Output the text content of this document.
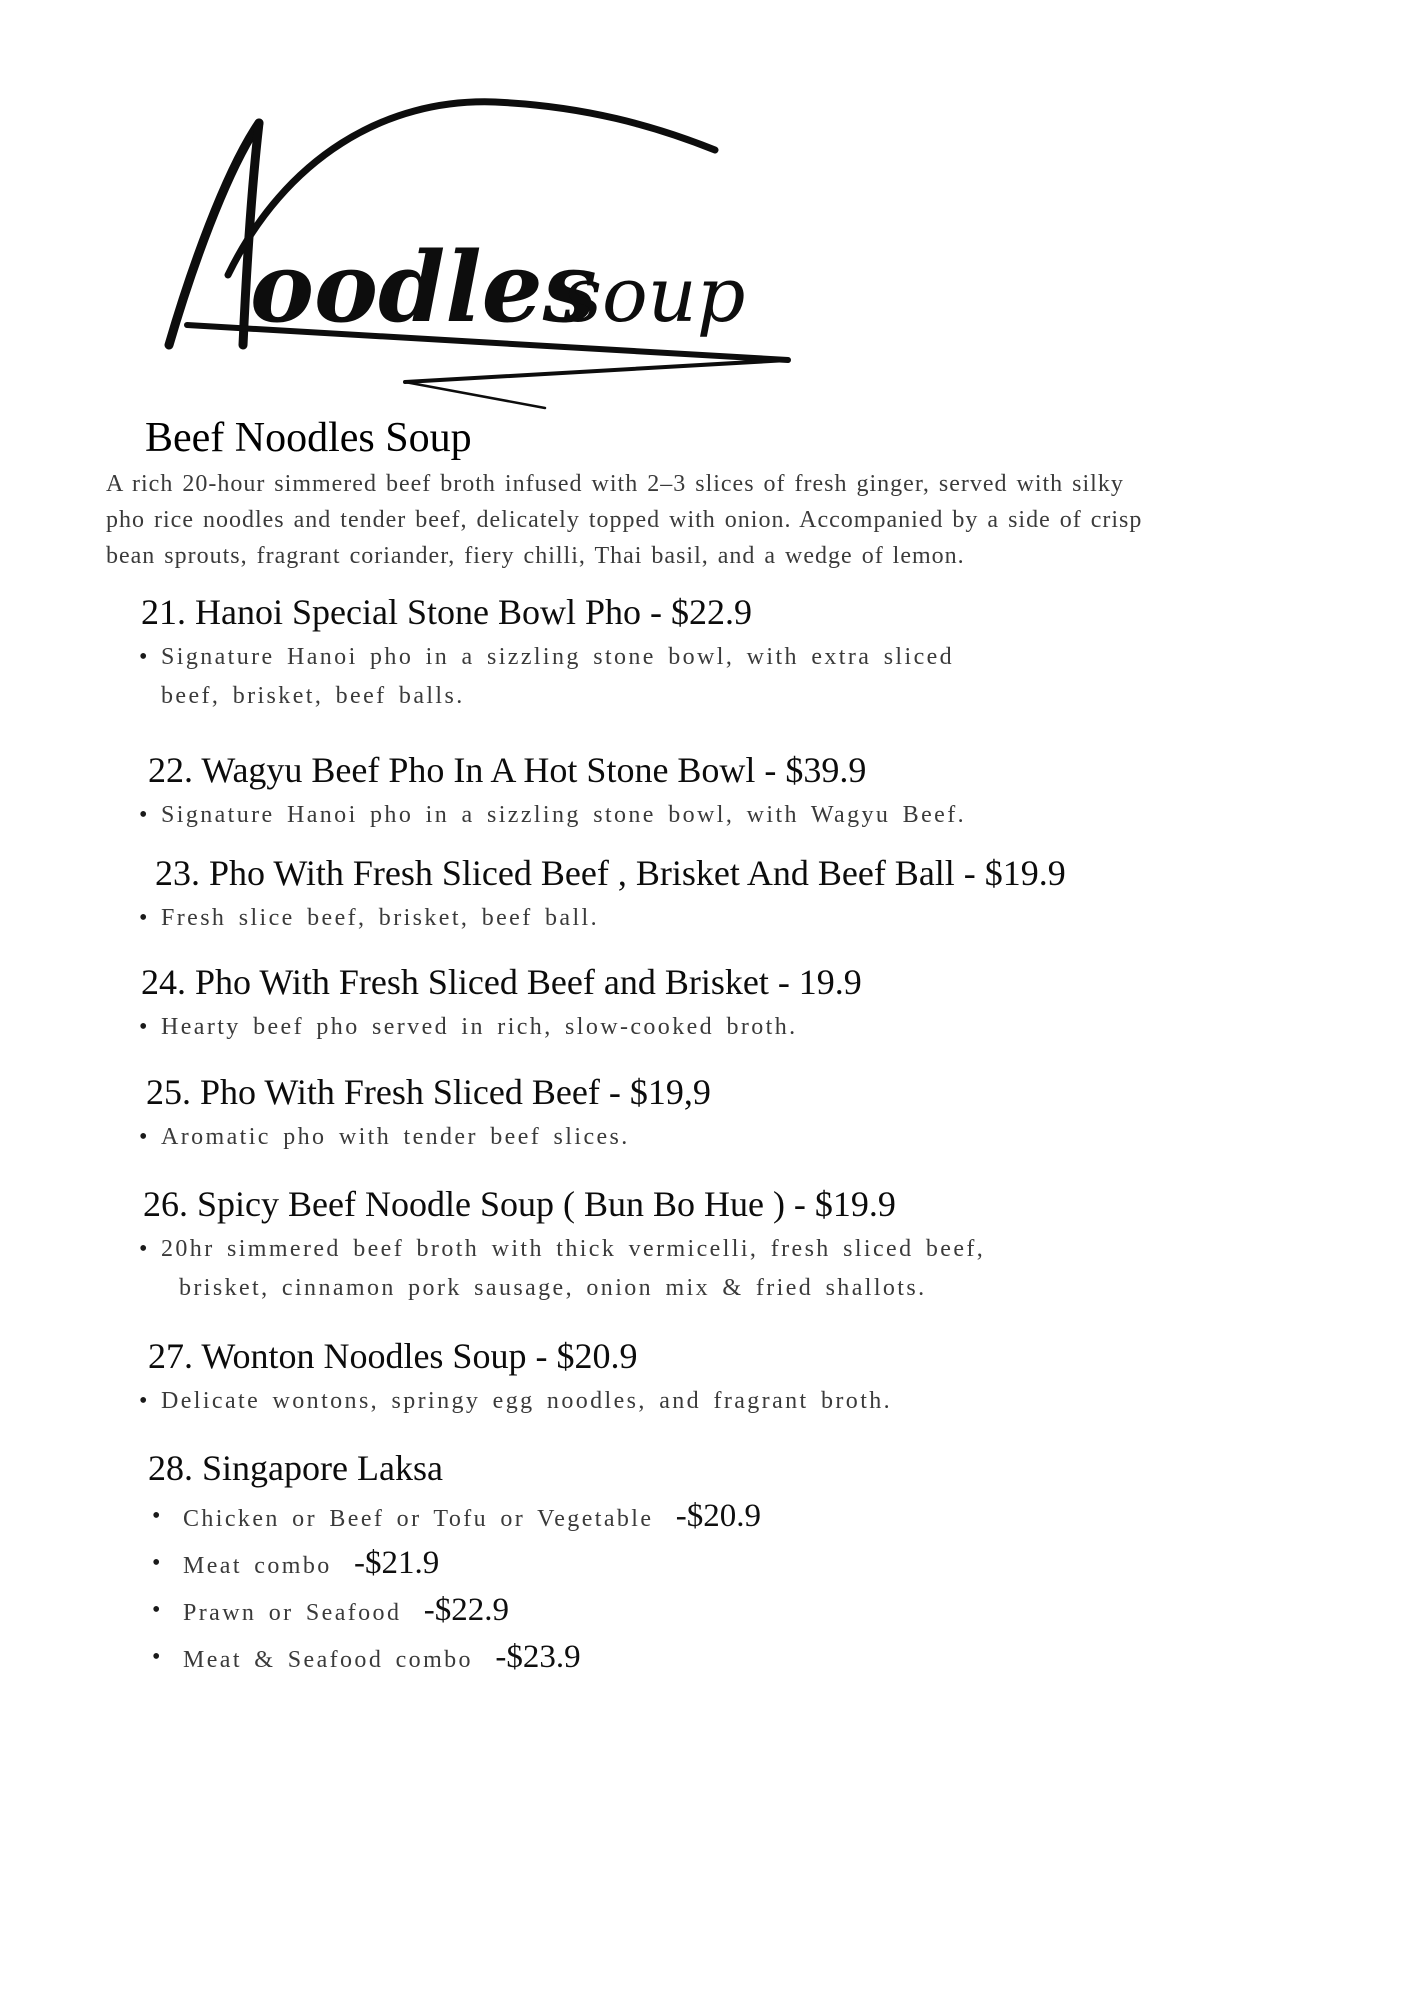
oodles
soup
Beef Noodles Soup
A rich 20-hour simmered beef broth infused with 2–3 slices of fresh ginger, served with silky
pho rice noodles and tender beef, delicately topped with onion. Accompanied by a side of crisp
bean sprouts, fragrant coriander, fiery chilli, Thai basil, and a wedge of lemon.
21. Hanoi Special Stone Bowl Pho - $22.9
• Signature Hanoi pho in a sizzling stone bowl, with extra sliced
beef, brisket, beef balls.
22. Wagyu Beef Pho In A Hot Stone Bowl - $39.9
• Signature Hanoi pho in a sizzling stone bowl, with Wagyu Beef.
23. Pho With Fresh Sliced Beef , Brisket And Beef Ball - $19.9
• Fresh slice beef, brisket, beef ball.
24. Pho With Fresh Sliced Beef and Brisket - 19.9
• Hearty beef pho served in rich, slow-cooked broth.
25. Pho With Fresh Sliced Beef - $19,9
• Aromatic pho with tender beef slices.
26. Spicy Beef Noodle Soup ( Bun Bo Hue ) - $19.9
• 20hr simmered beef broth with thick vermicelli, fresh sliced beef,
brisket, cinnamon pork sausage, onion mix & fried shallots.
27. Wonton Noodles Soup - $20.9
• Delicate wontons, springy egg noodles, and fragrant broth.
28. Singapore Laksa
• Chicken or Beef or Tofu or Vegetable -$20.9
• Meat combo -$21.9
• Prawn or Seafood -$22.9
• Meat & Seafood combo -$23.9
